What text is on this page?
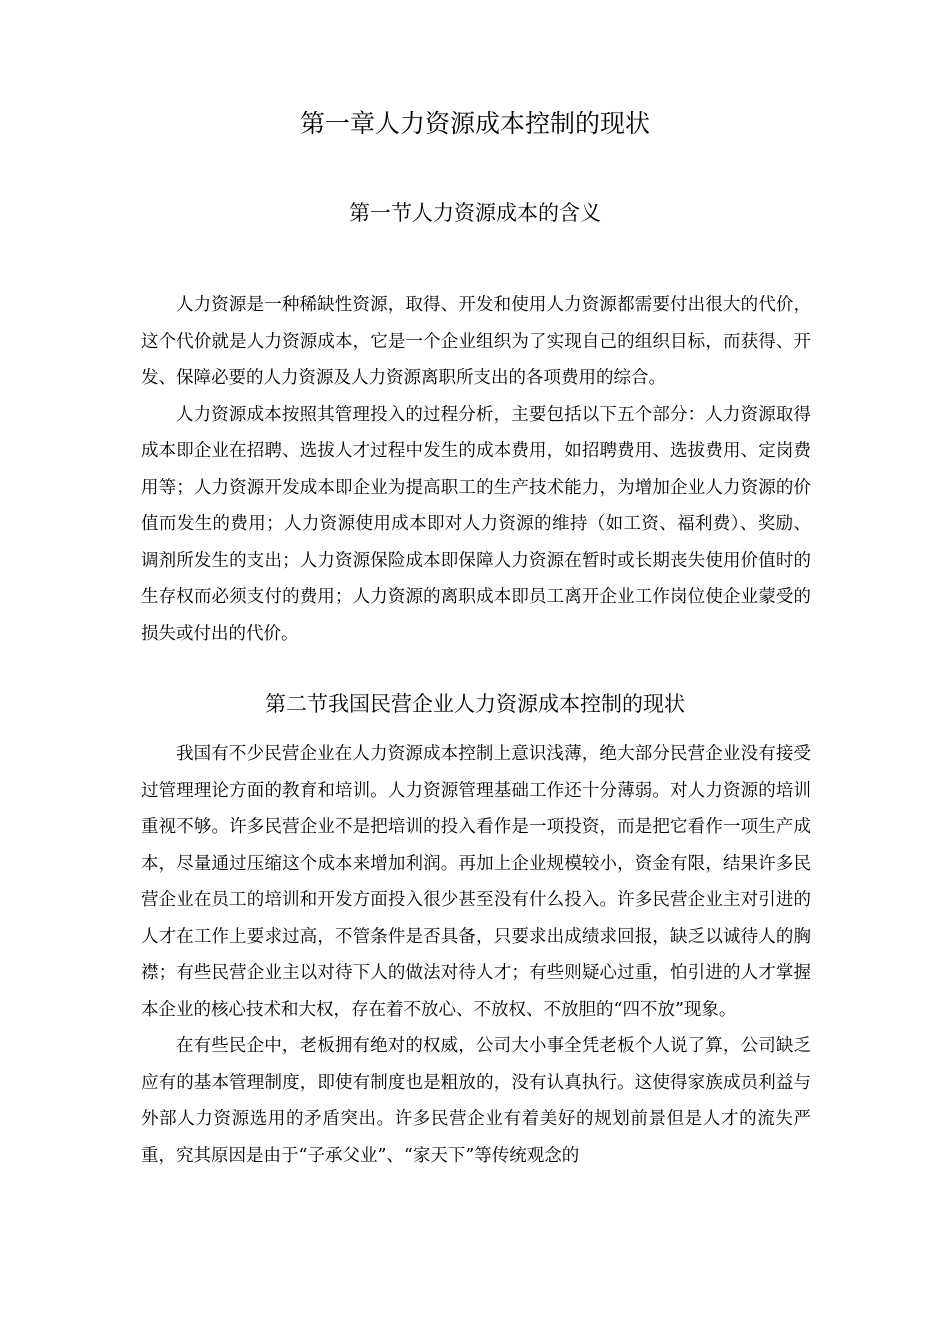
第一章人力资源成本控制的现状
第一节人力资源成本的含义

人力资源是一种稀缺性资源，取得、开发和使用人力资源都需要付出很大的代价，这个代价就是人力资源成本，它是一个企业组织为了实现自己的组织目标，而获得、开发、保障必要的人力资源及人力资源离职所支出的各项费用的综合。

人力资源成本按照其管理投入的过程分析，主要包括以下五个部分：人力资源取得成本即企业在招聘、选拔人才过程中发生的成本费用，如招聘费用、选拔费用、定岗费用等；人力资源开发成本即企业为提高职工的生产技术能力，为增加企业人力资源的价值而发生的费用；人力资源使用成本即对人力资源的维持（如工资、福利费）、奖励、调剂所发生的支出；人力资源保险成本即保障人力资源在暂时或长期丧失使用价值时的生存权而必须支付的费用；人力资源的离职成本即员工离开企业工作岗位使企业蒙受的损失或付出的代价。

第二节我国民营企业人力资源成本控制的现状

我国有不少民营企业在人力资源成本控制上意识浅薄，绝大部分民营企业没有接受过管理理论方面的教育和培训。人力资源管理基础工作还十分薄弱。对人力资源的培训重视不够。许多民营企业不是把培训的投入看作是一项投资，而是把它看作一项生产成本，尽量通过压缩这个成本来增加利润。再加上企业规模较小，资金有限，结果许多民营企业在员工的培训和开发方面投入很少甚至没有什么投入。许多民营企业主对引进的人才在工作上要求过高，不管条件是否具备，只要求出成绩求回报，缺乏以诚待人的胸襟；有些民营企业主以对待下人的做法对待人才；有些则疑心过重，怕引进的人才掌握本企业的核心技术和大权，存在着不放心、不放权、不放胆的“四不放”现象。

在有些民企中，老板拥有绝对的权威，公司大小事全凭老板个人说了算，公司缺乏应有的基本管理制度，即使有制度也是粗放的，没有认真执行。这使得家族成员利益与外部人力资源选用的矛盾突出。许多民营企业有着美好的规划前景但是人才的流失严重，究其原因是由于“子承父业”、“家天下”等传统观念的
